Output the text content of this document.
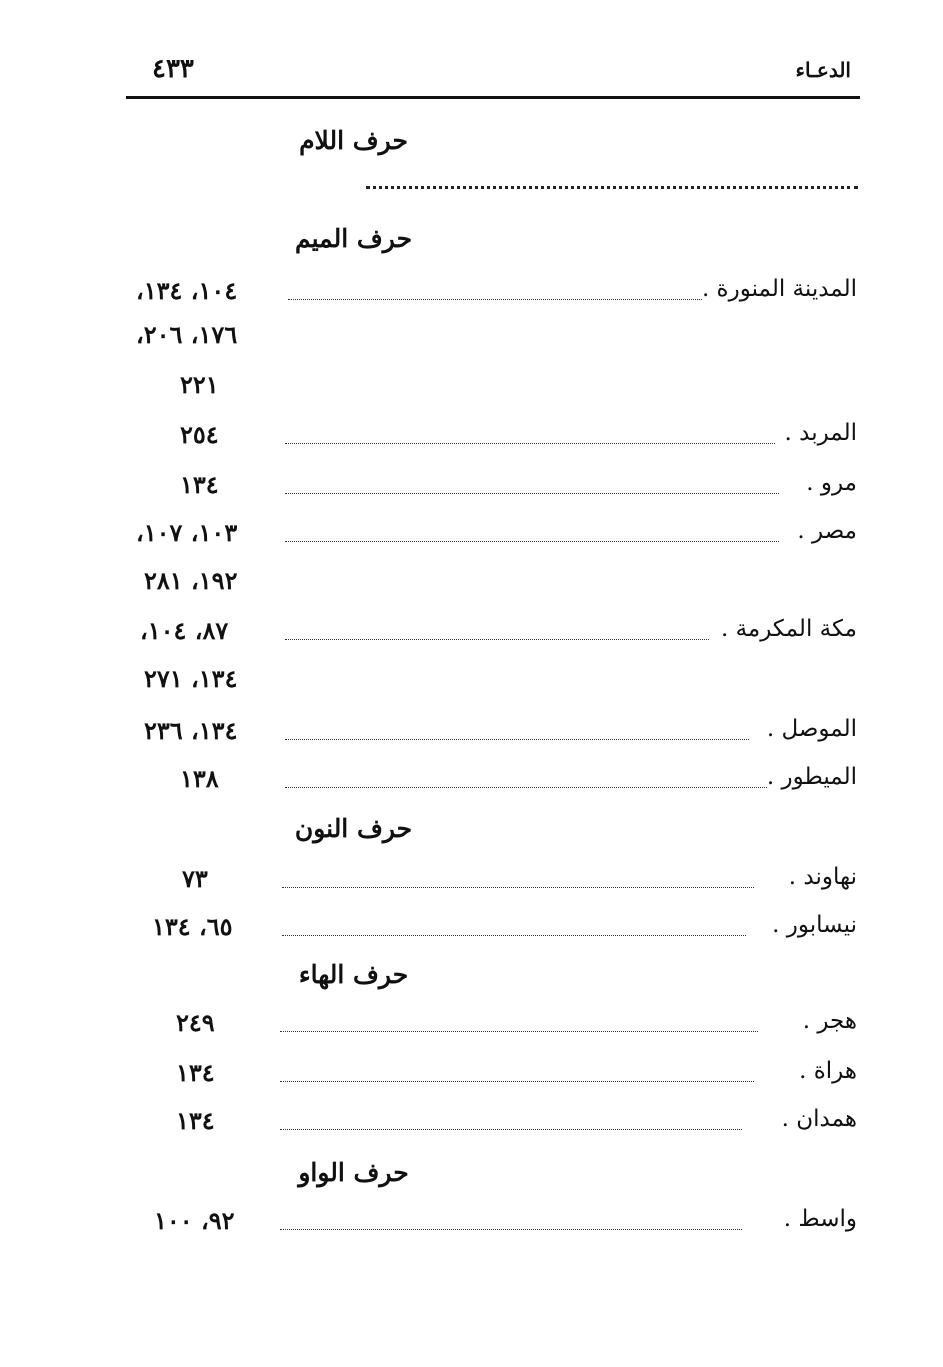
الدعـاء
٤٣٣
حرف اللام
حرف الميم
المدينة المنورة .
١٠٤، ١٣٤،
١٧٦، ٢٠٦،
٢٢١
المربد .
٢٥٤
مرو .
١٣٤
مصر .
١٠٣، ١٠٧،
١٩٢، ٢٨١
مكة المكرمة .
٨٧، ١٠٤،
١٣٤، ٢٧١
الموصل .
١٣٤، ٢٣٦
الميطور .
١٣٨
حرف النون
نهاوند .
٧٣
نيسابور .
٦٥، ١٣٤
حرف الهاء
هجر .
٢٤٩
هراة .
١٣٤
همدان .
١٣٤
حرف الواو
واسط .
٩٢، ١٠٠
